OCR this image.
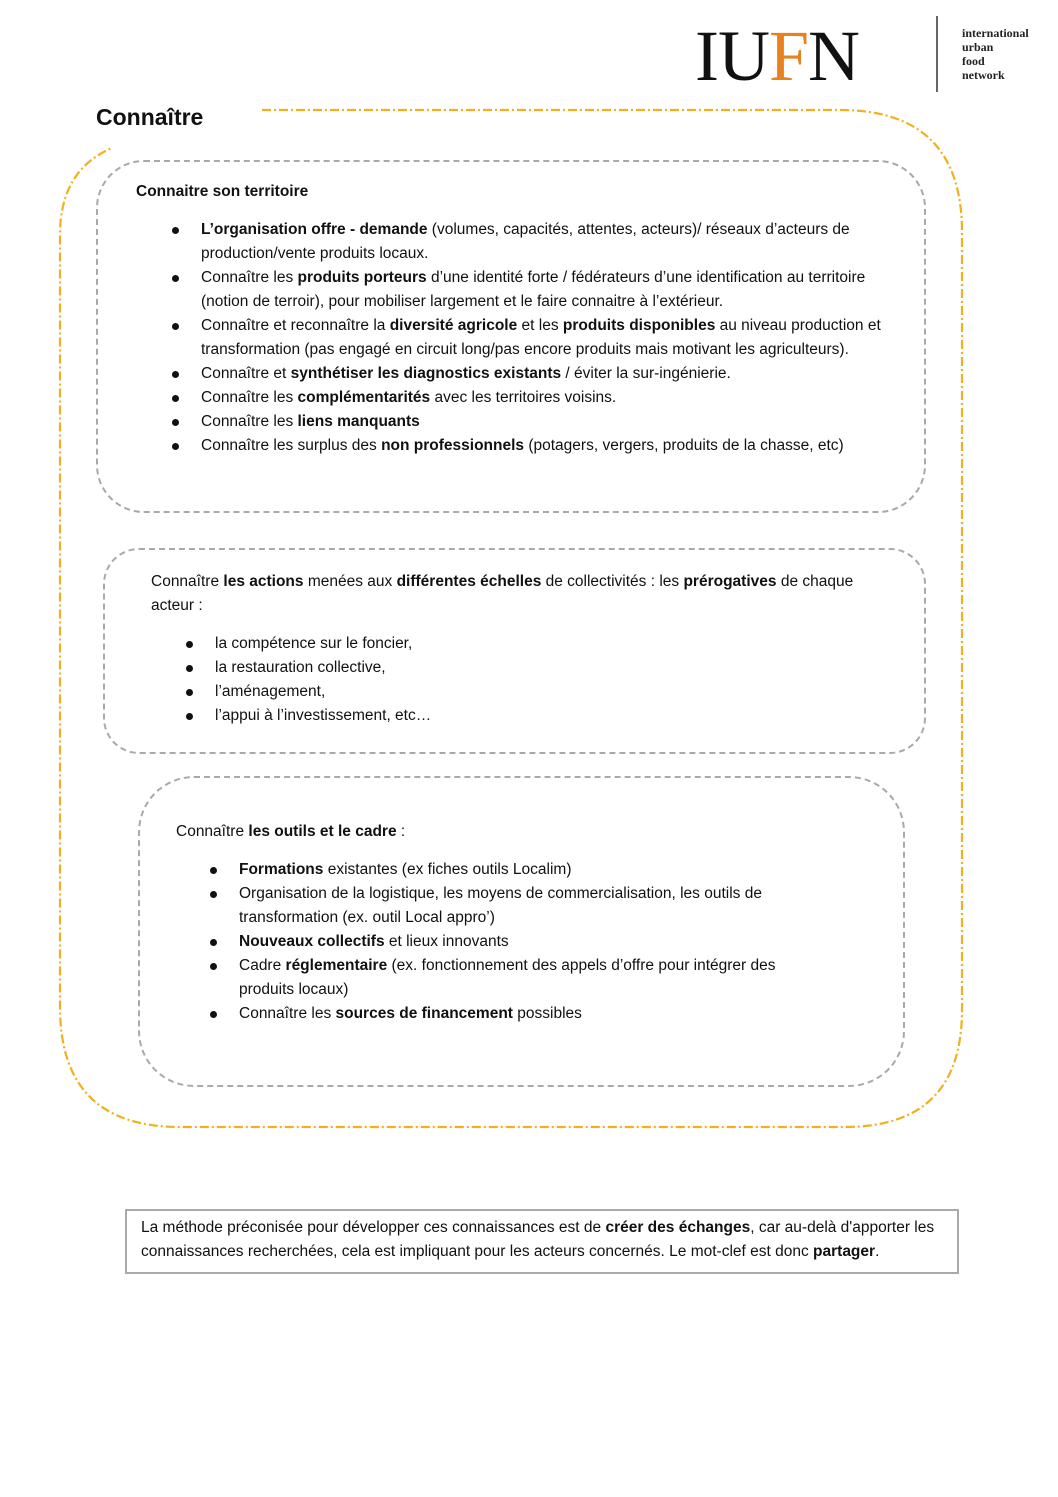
IUFN	international
urban
food
network
Connaître
Connaitre son territoire
L’organisation offre - demande (volumes, capacités, attentes, acteurs)/ réseaux d’acteurs de production/vente produits locaux.
Connaître les produits porteurs d’une identité forte / fédérateurs d’une identification au territoire (notion de terroir), pour mobiliser largement et le faire connaitre à l’extérieur.
Connaître et reconnaître la diversité agricole et les produits disponibles au niveau production et transformation (pas engagé en circuit long/pas encore produits mais motivant les agriculteurs).
Connaître et synthétiser les diagnostics existants / éviter la sur-ingénierie.
Connaître les complémentarités avec les territoires voisins.
Connaître les liens manquants
Connaître les surplus des non professionnels (potagers, vergers, produits de la chasse, etc)
Connaître les actions menées aux différentes échelles de collectivités : les prérogatives de chaque acteur :
la compétence sur le foncier,
la restauration collective,
l’aménagement,
l’appui à l’investissement, etc…
Connaître les outils et le cadre :
Formations existantes (ex fiches outils Localim)
Organisation de la logistique, les moyens de commercialisation, les outils de transformation (ex. outil Local appro’)
Nouveaux collectifs et lieux innovants
Cadre réglementaire (ex. fonctionnement des appels d’offre pour intégrer des produits locaux)
Connaître les sources de financement possibles
La méthode préconisée pour développer ces connaissances est de créer des échanges, car au-delà d'apporter les connaissances recherchées, cela est impliquant pour les acteurs concernés. Le mot-clef est donc partager.
